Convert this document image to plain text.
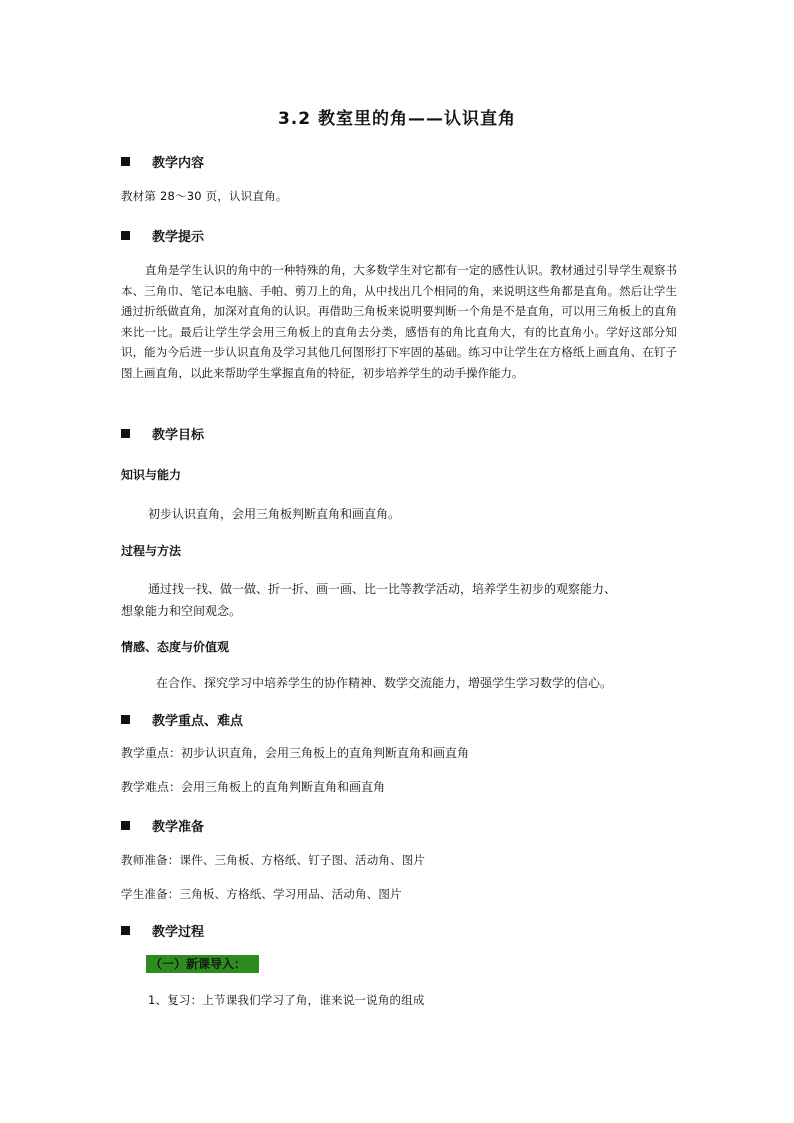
3.2 教室里的角——认识直角
教学内容
教材第 28～30 页，认识直角。
教学提示
直角是学生认识的角中的一种特殊的角，大多数学生对它都有一定的感性认识。教材通过引导学生观察书本、三角巾、笔记本电脑、手帕、剪刀上的角，从中找出几个相同的角，来说明这些角都是直角。然后让学生通过折纸做直角，加深对直角的认识。再借助三角板来说明要判断一个角是不是直角，可以用三角板上的直角来比一比。最后让学生学会用三角板上的直角去分类，感悟有的角比直角大，有的比直角小。学好这部分知识，能为今后进一步认识直角及学习其他几何图形打下牢固的基础。练习中让学生在方格纸上画直角、在钉子图上画直角，以此来帮助学生掌握直角的特征，初步培养学生的动手操作能力。
教学目标
知识与能力
初步认识直角，会用三角板判断直角和画直角。
过程与方法
通过找一找、做一做、折一折、画一画、比一比等教学活动，培养学生初步的观察能力、
想象能力和空间观念。
情感、态度与价值观
在合作、探究学习中培养学生的协作精神、数学交流能力，增强学生学习数学的信心。
教学重点、难点
教学重点：初步认识直角，会用三角板上的直角判断直角和画直角
教学难点：会用三角板上的直角判断直角和画直角
教学准备
教师准备：课件、三角板、方格纸、钉子图、活动角、图片
学生准备：三角板、方格纸、学习用品、活动角、图片
教学过程
（一）新课导入：
1、复习：上节课我们学习了角，谁来说一说角的组成
